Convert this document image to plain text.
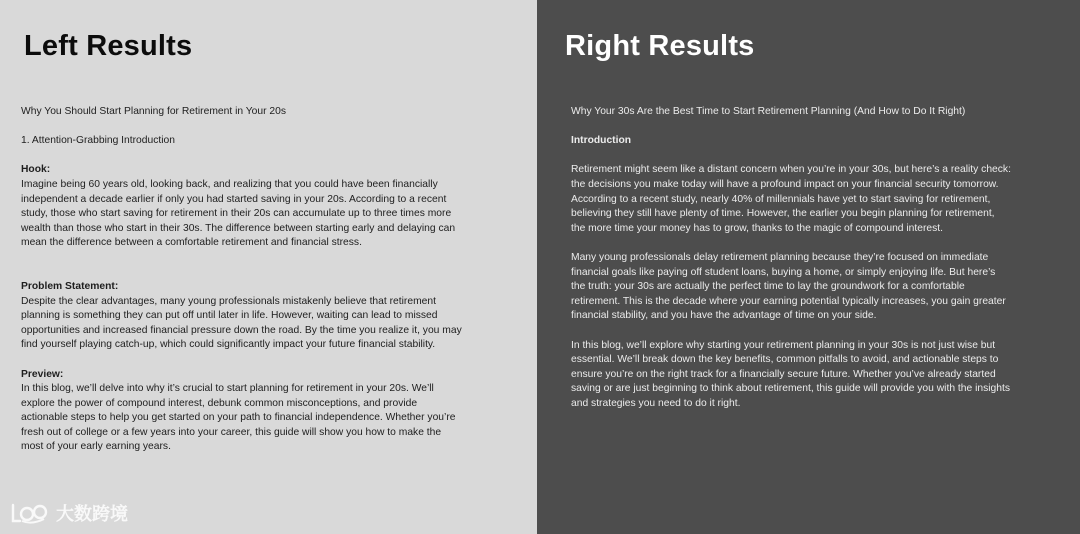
Left Results

Why You Should Start Planning for Retirement in Your 20s

1. Attention-Grabbing Introduction

Hook:
Imagine being 60 years old, looking back, and realizing that you could have been financially independent a decade earlier if only you had started saving in your 20s. According to a recent study, those who start saving for retirement in their 20s can accumulate up to three times more wealth than those who start in their 30s. The difference between starting early and delaying can mean the difference between a comfortable retirement and financial stress.

Problem Statement:
Despite the clear advantages, many young professionals mistakenly believe that retirement planning is something they can put off until later in life. However, waiting can lead to missed opportunities and increased financial pressure down the road. By the time you realize it, you may find yourself playing catch-up, which could significantly impact your future financial stability.

Preview:
In this blog, we’ll delve into why it’s crucial to start planning for retirement in your 20s. We’ll explore the power of compound interest, debunk common misconceptions, and provide actionable steps to help you get started on your path to financial independence. Whether you’re fresh out of college or a few years into your career, this guide will show you how to make the most of your early earning years.

Right Results

Why Your 30s Are the Best Time to Start Retirement Planning (And How to Do It Right)

Introduction

Retirement might seem like a distant concern when you’re in your 30s, but here’s a reality check: the decisions you make today will have a profound impact on your financial security tomorrow. According to a recent study, nearly 40% of millennials have yet to start saving for retirement, believing they still have plenty of time. However, the earlier you begin planning for retirement, the more time your money has to grow, thanks to the magic of compound interest.

Many young professionals delay retirement planning because they’re focused on immediate financial goals like paying off student loans, buying a home, or simply enjoying life. But here’s the truth: your 30s are actually the perfect time to lay the groundwork for a comfortable retirement. This is the decade where your earning potential typically increases, you gain greater financial stability, and you have the advantage of time on your side.

In this blog, we’ll explore why starting your retirement planning in your 30s is not just wise but essential. We’ll break down the key benefits, common pitfalls to avoid, and actionable steps to ensure you’re on the right track for a financially secure future. Whether you’ve already started saving or are just beginning to think about retirement, this guide will provide you with the insights and strategies you need to do it right.

大数跨境
